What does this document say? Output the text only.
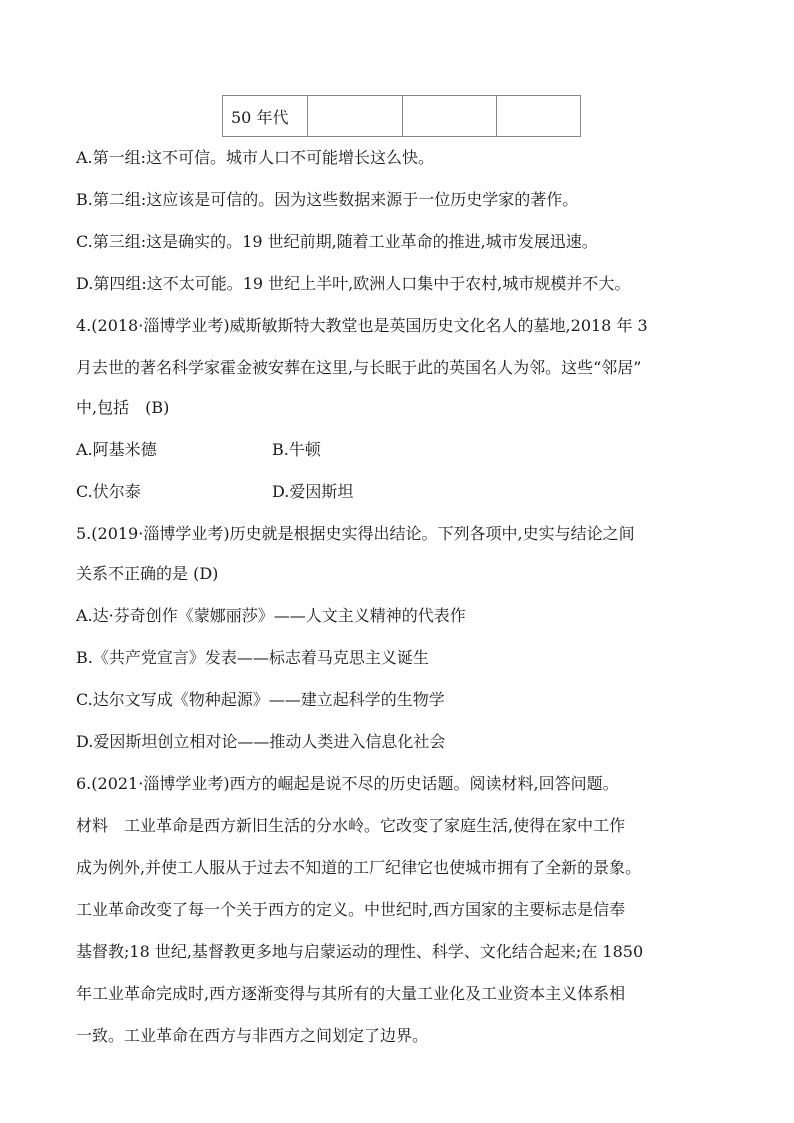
50 年代			
A.第一组:这不可信。城市人口不可能增长这么快。
B.第二组:这应该是可信的。因为这些数据来源于一位历史学家的著作。
C.第三组:这是确实的。19 世纪前期,随着工业革命的推进,城市发展迅速。
D.第四组:这不太可能。19 世纪上半叶,欧洲人口集中于农村,城市规模并不大。
4.(2018·淄博学业考)威斯敏斯特大教堂也是英国历史文化名人的墓地,2018 年 3
月去世的著名科学家霍金被安葬在这里,与长眠于此的英国名人为邻。这些“邻居”
中,包括　(B)
A.阿基米德	B.牛顿
C.伏尔泰	D.爱因斯坦
5.(2019·淄博学业考)历史就是根据史实得出结论。下列各项中,史实与结论之间
关系不正确的是 (D)
A.达·芬奇创作《蒙娜丽莎》——人文主义精神的代表作
B.《共产党宣言》发表——标志着马克思主义诞生
C.达尔文写成《物种起源》——建立起科学的生物学
D.爱因斯坦创立相对论——推动人类进入信息化社会
6.(2021·淄博学业考)西方的崛起是说不尽的历史话题。阅读材料,回答问题。
材料 工业革命是西方新旧生活的分水岭。它改变了家庭生活,使得在家中工作
成为例外,并使工人服从于过去不知道的工厂纪律它也使城市拥有了全新的景象。
工业革命改变了每一个关于西方的定义。中世纪时,西方国家的主要标志是信奉
基督教;18 世纪,基督教更多地与启蒙运动的理性、科学、文化结合起来;在 1850
年工业革命完成时,西方逐渐变得与其所有的大量工业化及工业资本主义体系相
一致。工业革命在西方与非西方之间划定了边界。
